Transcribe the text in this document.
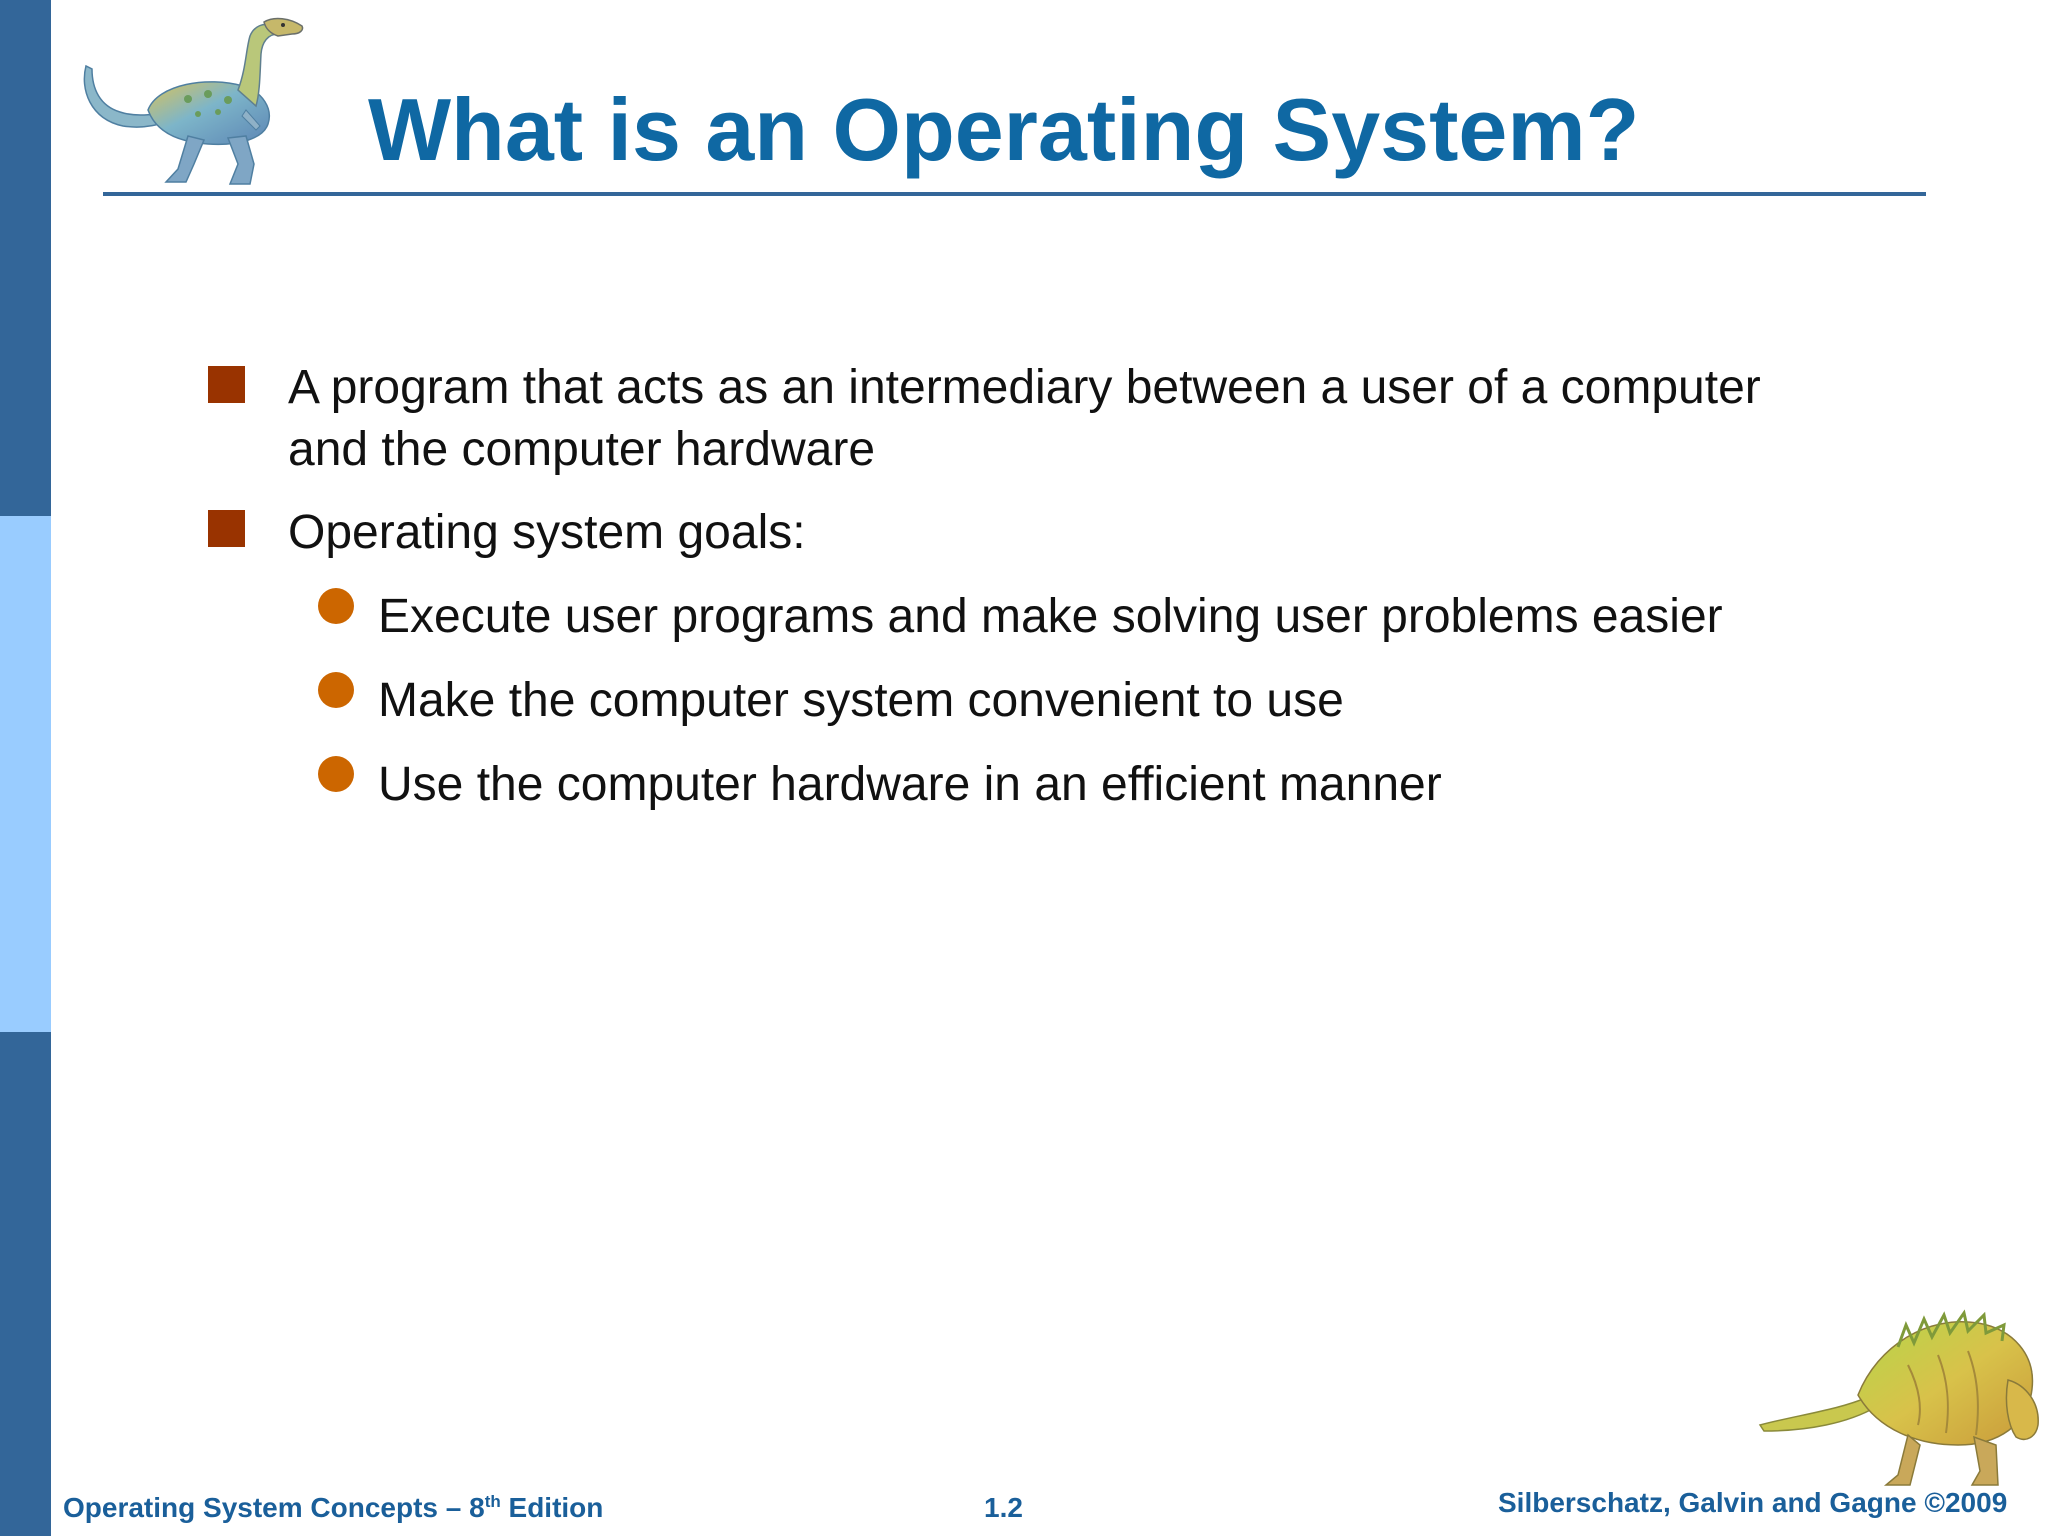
What is an Operating System?

A program that acts as an intermediary between a user of a computer

and the computer hardware

Operating system goals:

Execute user programs and make solving user problems easier

Make the computer system convenient to use

Use the computer hardware in an efficient manner

Operating System Concepts – 8th Edition	1.2	Silberschatz, Galvin and Gagne ©2009
